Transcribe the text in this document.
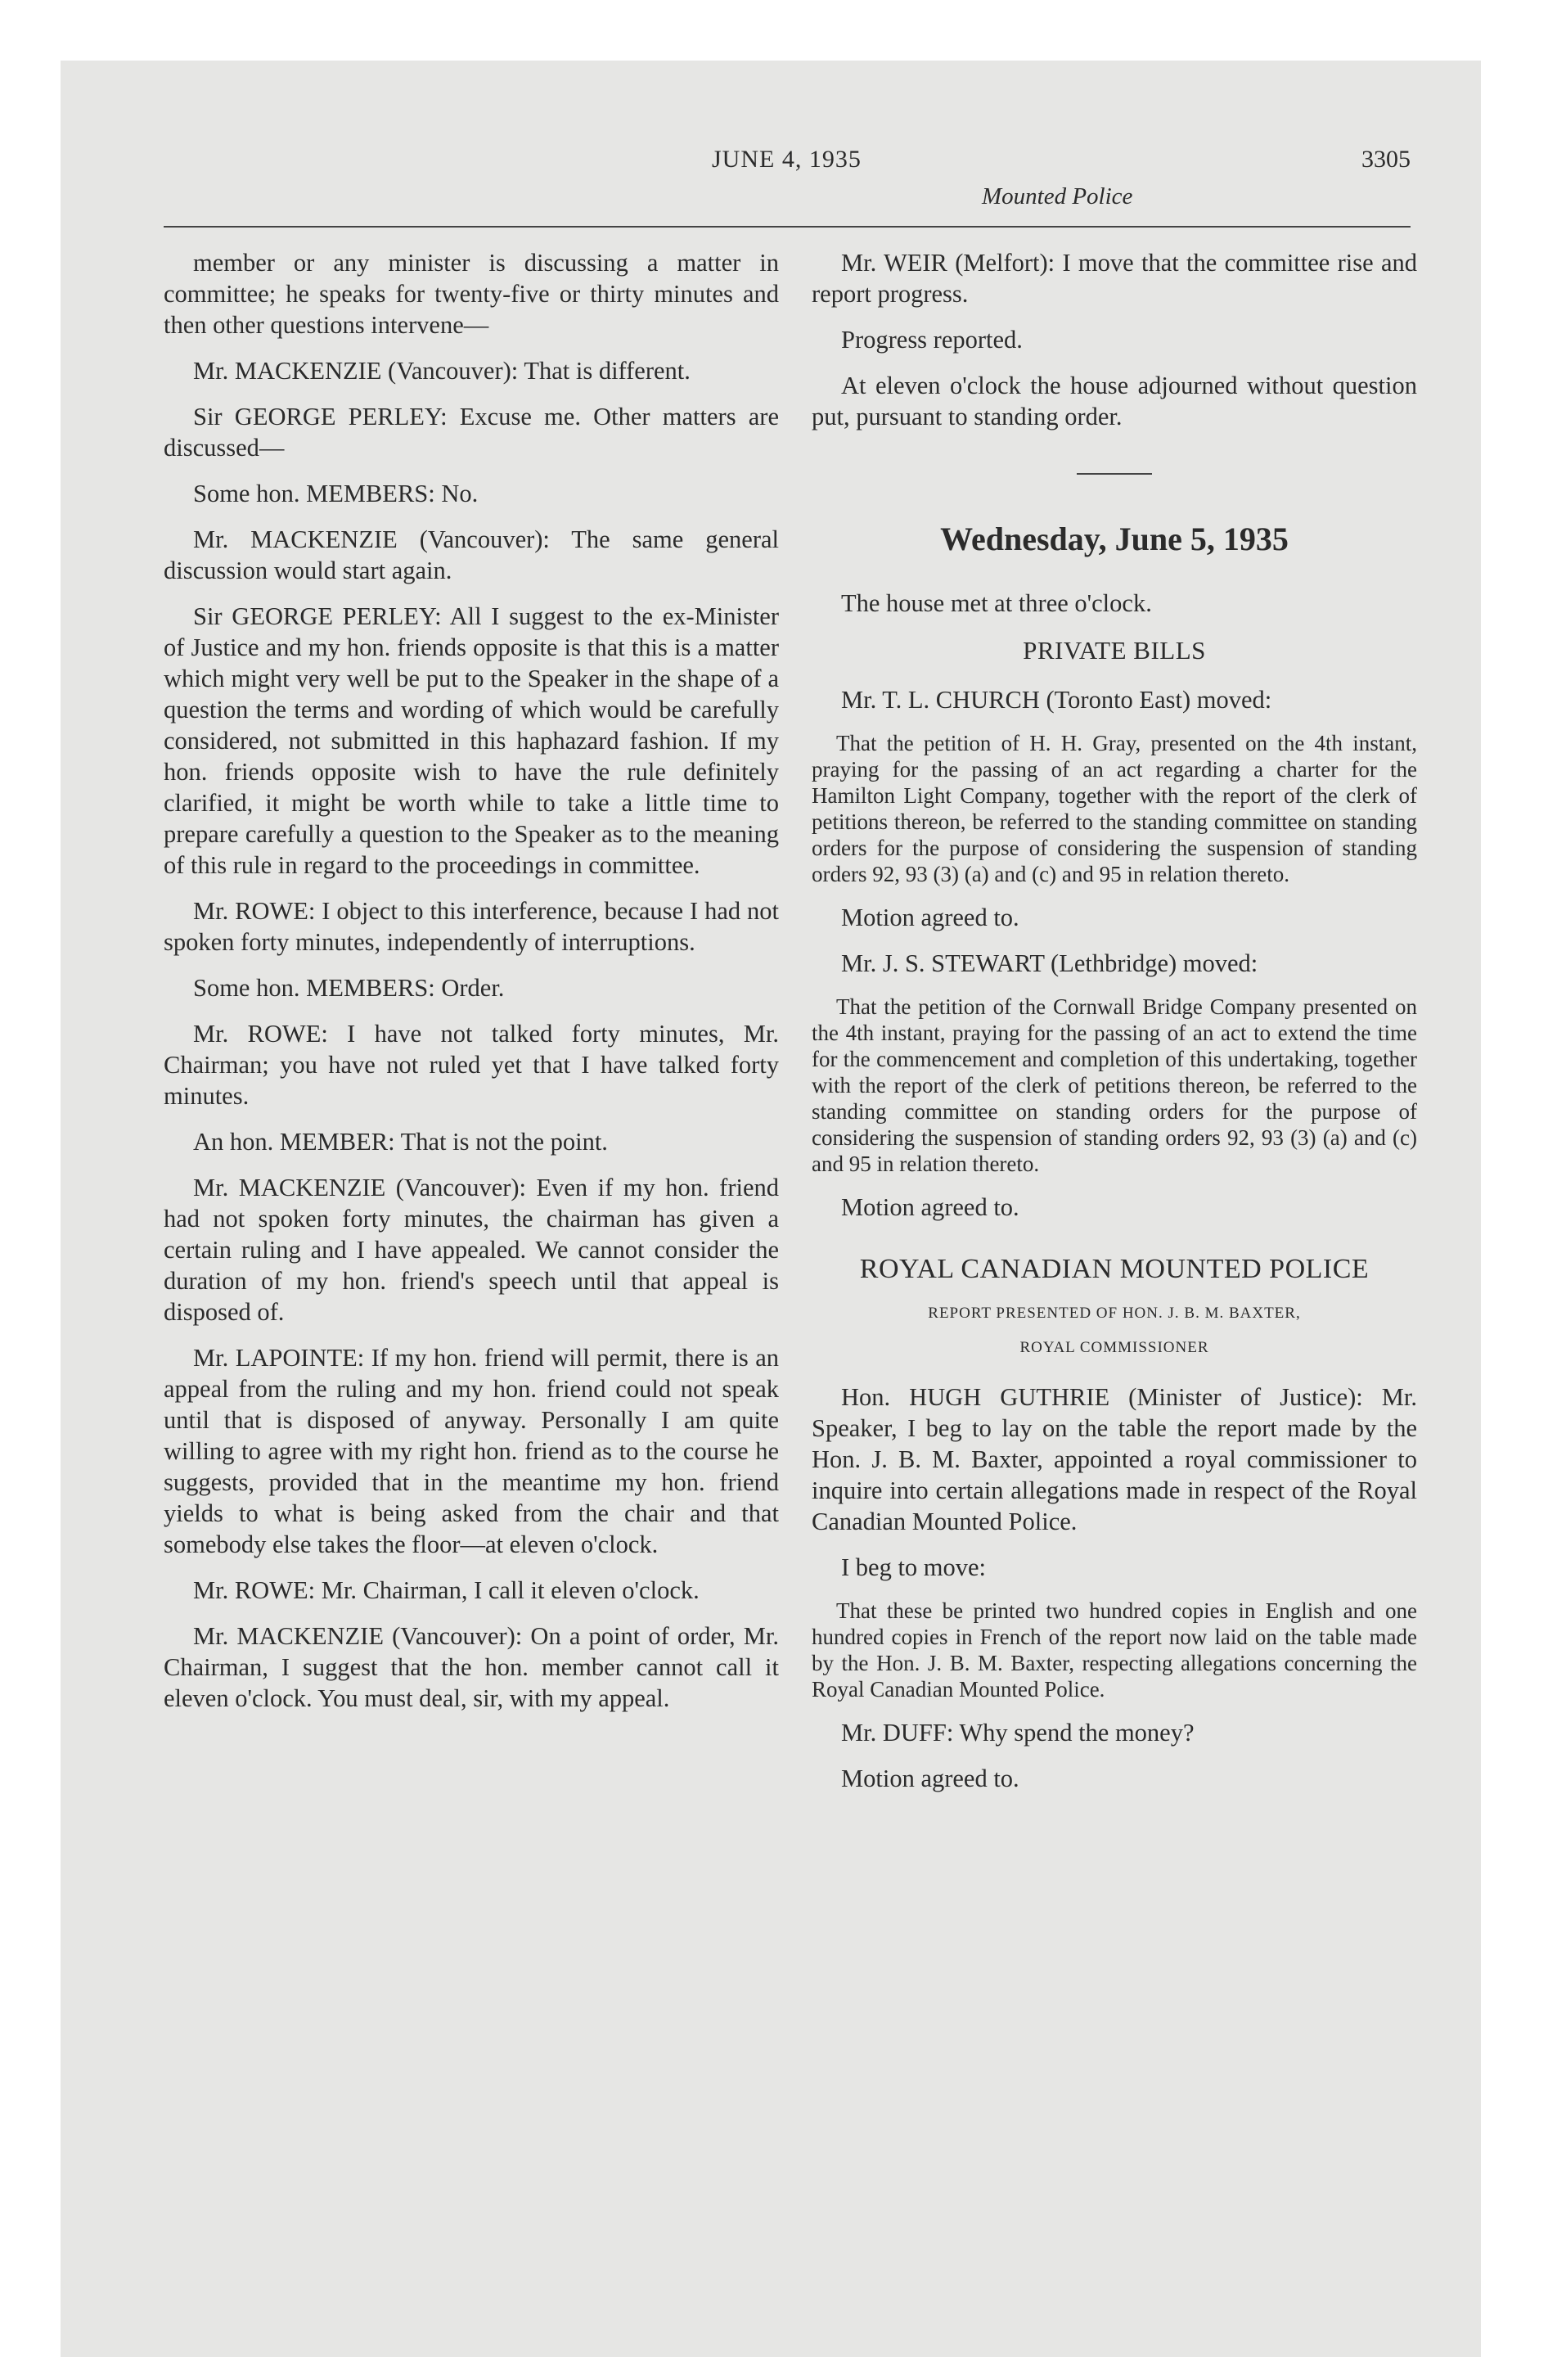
JUNE 4, 1935	3305
Mounted Police

member or any minister is discussing a matter in committee; he speaks for twenty-five or thirty minutes and then other questions intervene—

Mr. MACKENZIE (Vancouver): That is different.

Sir GEORGE PERLEY: Excuse me. Other matters are discussed—

Some hon. MEMBERS: No.

Mr. MACKENZIE (Vancouver): The same general discussion would start again.

Sir GEORGE PERLEY: All I suggest to the ex-Minister of Justice and my hon. friends opposite is that this is a matter which might very well be put to the Speaker in the shape of a question the terms and wording of which would be carefully considered, not submitted in this haphazard fashion. If my hon. friends opposite wish to have the rule definitely clarified, it might be worth while to take a little time to prepare carefully a question to the Speaker as to the meaning of this rule in regard to the proceedings in committee.

Mr. ROWE: I object to this interference, because I had not spoken forty minutes, independently of interruptions.

Some hon. MEMBERS: Order.

Mr. ROWE: I have not talked forty minutes, Mr. Chairman; you have not ruled yet that I have talked forty minutes.

An hon. MEMBER: That is not the point.

Mr. MACKENZIE (Vancouver): Even if my hon. friend had not spoken forty minutes, the chairman has given a certain ruling and I have appealed. We cannot consider the duration of my hon. friend's speech until that appeal is disposed of.

Mr. LAPOINTE: If my hon. friend will permit, there is an appeal from the ruling and my hon. friend could not speak until that is disposed of anyway. Personally I am quite willing to agree with my right hon. friend as to the course he suggests, provided that in the meantime my hon. friend yields to what is being asked from the chair and that somebody else takes the floor—at eleven o'clock.

Mr. ROWE: Mr. Chairman, I call it eleven o'clock.

Mr. MACKENZIE (Vancouver): On a point of order, Mr. Chairman, I suggest that the hon. member cannot call it eleven o'clock. You must deal, sir, with my appeal.

Mr. WEIR (Melfort): I move that the committee rise and report progress.

Progress reported.

At eleven o'clock the house adjourned without question put, pursuant to standing order.

Wednesday, June 5, 1935

The house met at three o'clock.

PRIVATE BILLS

Mr. T. L. CHURCH (Toronto East) moved:

That the petition of H. H. Gray, presented on the 4th instant, praying for the passing of an act regarding a charter for the Hamilton Light Company, together with the report of the clerk of petitions thereon, be referred to the standing committee on standing orders for the purpose of considering the suspension of standing orders 92, 93 (3) (a) and (c) and 95 in relation thereto.

Motion agreed to.

Mr. J. S. STEWART (Lethbridge) moved:

That the petition of the Cornwall Bridge Company presented on the 4th instant, praying for the passing of an act to extend the time for the commencement and completion of this undertaking, together with the report of the clerk of petitions thereon, be referred to the standing committee on standing orders for the purpose of considering the suspension of standing orders 92, 93 (3) (a) and (c) and 95 in relation thereto.

Motion agreed to.

ROYAL CANADIAN MOUNTED POLICE
REPORT PRESENTED OF HON. J. B. M. BAXTER,
ROYAL COMMISSIONER

Hon. HUGH GUTHRIE (Minister of Justice): Mr. Speaker, I beg to lay on the table the report made by the Hon. J. B. M. Baxter, appointed a royal commissioner to inquire into certain allegations made in respect of the Royal Canadian Mounted Police.

I beg to move:

That these be printed two hundred copies in English and one hundred copies in French of the report now laid on the table made by the Hon. J. B. M. Baxter, respecting allegations concerning the Royal Canadian Mounted Police.

Mr. DUFF: Why spend the money?

Motion agreed to.
